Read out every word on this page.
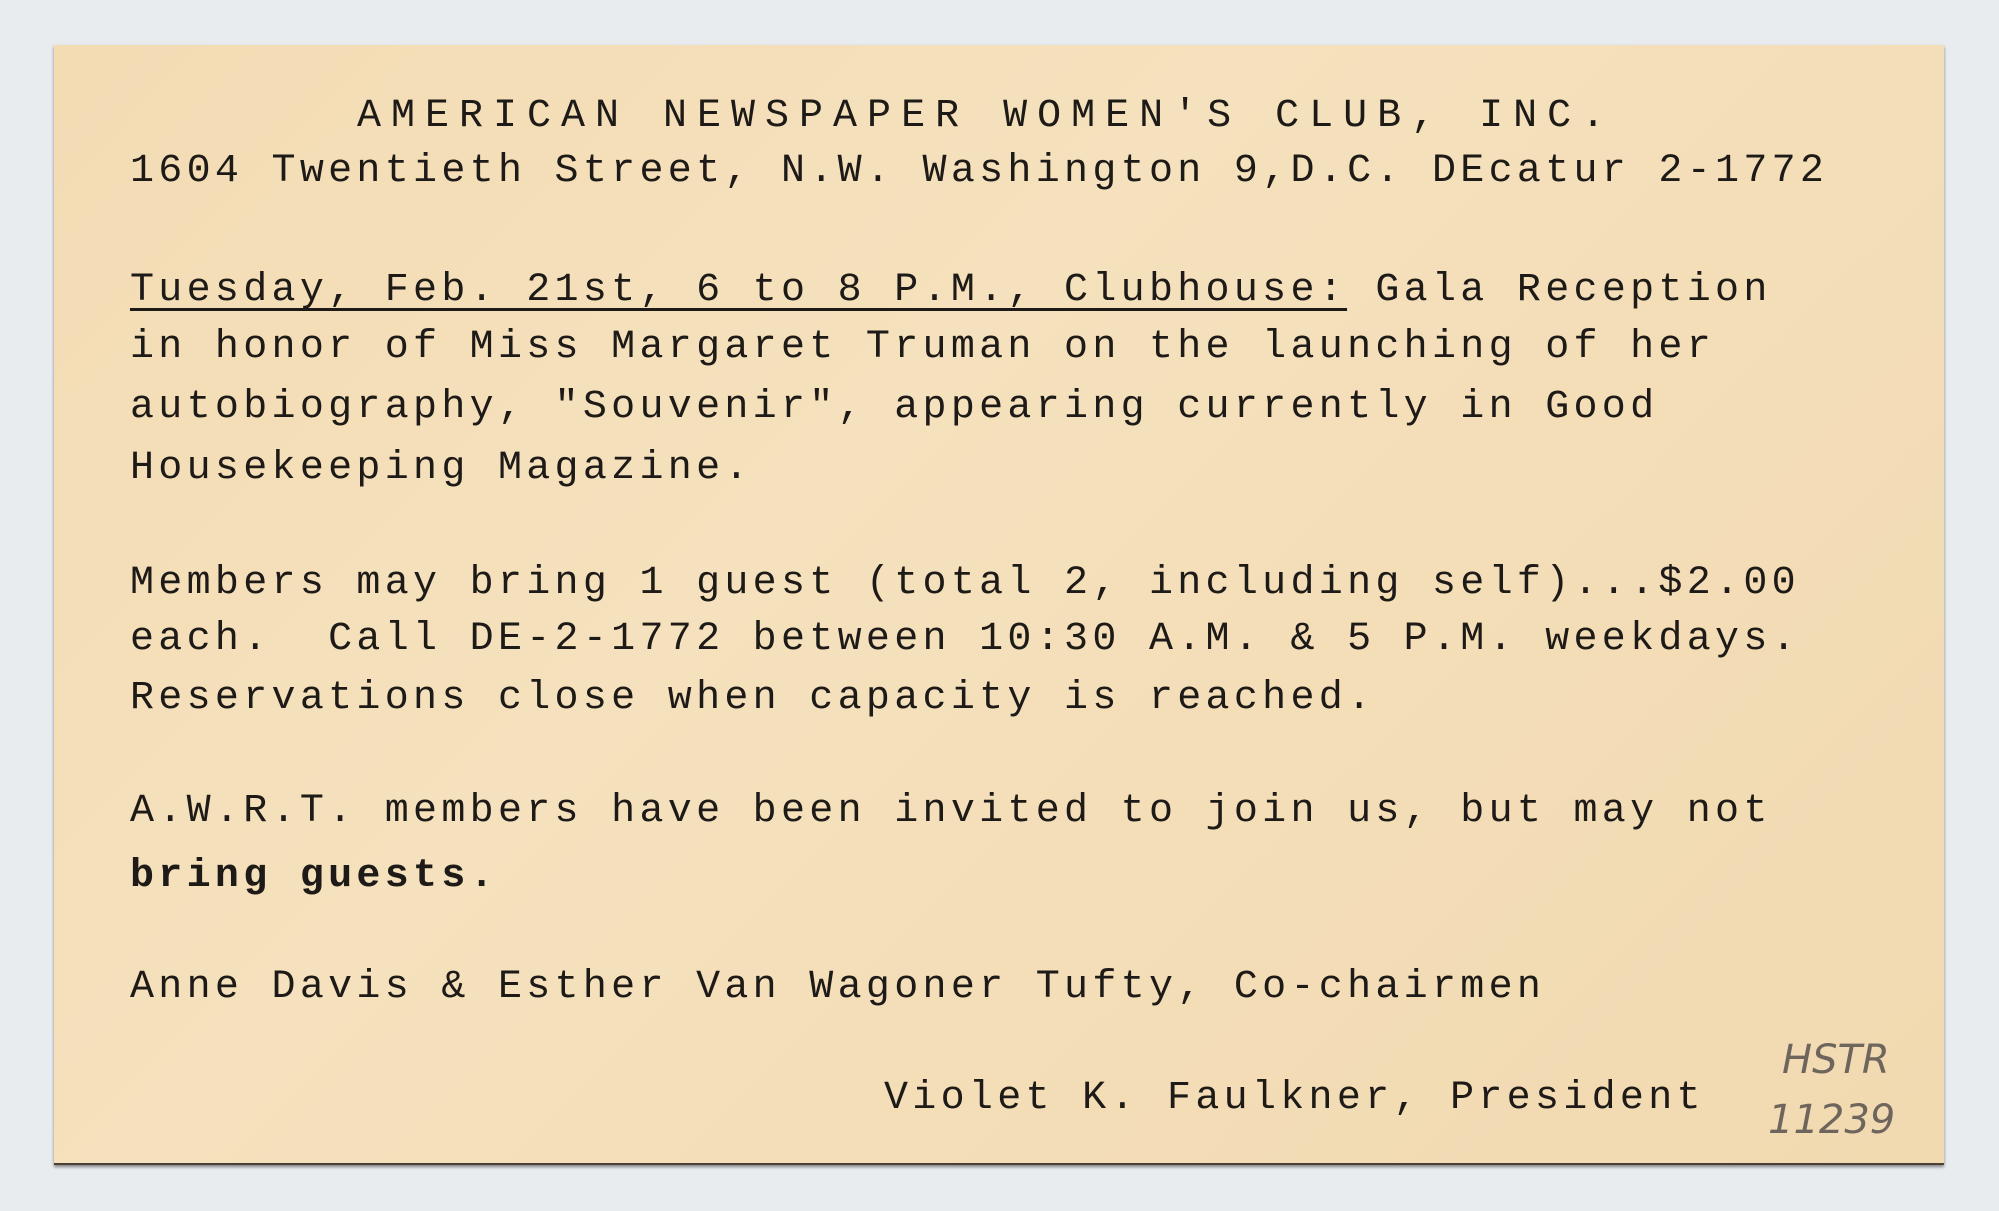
AMERICAN NEWSPAPER WOMEN'S CLUB, INC.
1604 Twentieth Street, N.W. Washington 9,D.C. DEcatur 2-1772
Tuesday, Feb. 21st, 6 to 8 P.M., Clubhouse: Gala Reception
in honor of Miss Margaret Truman on the launching of her
autobiography, "Souvenir", appearing currently in Good
Housekeeping Magazine.
Members may bring 1 guest (total 2, including self)...$2.00
each.  Call DE-2-1772 between 10:30 A.M. & 5 P.M. weekdays.
Reservations close when capacity is reached.
A.W.R.T. members have been invited to join us, but may not
bring guests.
Anne Davis & Esther Van Wagoner Tufty, Co-chairmen
Violet K. Faulkner, President
HSTR
11239
